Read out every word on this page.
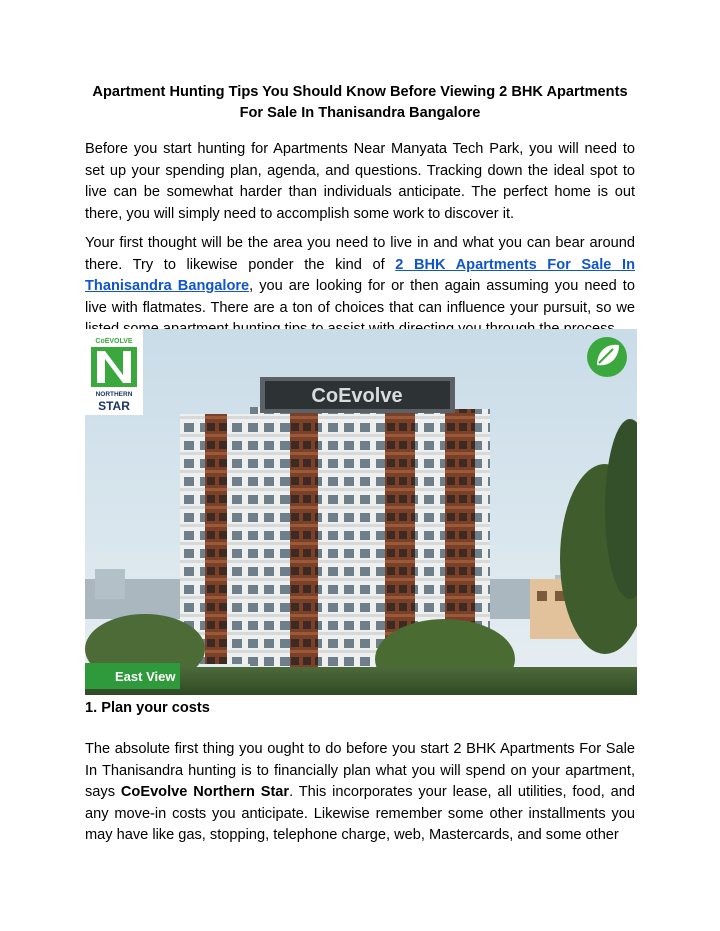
Apartment Hunting Tips You Should Know Before Viewing 2 BHK Apartments For Sale In Thanisandra Bangalore
Before you start hunting for Apartments Near Manyata Tech Park, you will need to set up your spending plan, agenda, and questions. Tracking down the ideal spot to live can be somewhat harder than individuals anticipate. The perfect home is out there, you will simply need to accomplish some work to discover it.
Your first thought will be the area you need to live in and what you can bear around there. Try to likewise ponder the kind of 2 BHK Apartments For Sale In Thanisandra Bangalore, you are looking for or then again assuming you need to live with flatmates. There are a ton of choices that can influence your pursuit, so we
CoEvolve
CoEVOLVE
NORTHERN
STAR
East View
1. Plan your costs
The absolute first thing you ought to do before you start 2 BHK Apartments For Sale In Thanisandra hunting is to financially plan what you will spend on your apartment, says CoEvolve Northern Star. This incorporates your lease, all utilities, food, and any move-in costs you anticipate. Likewise remember some other installments you may have like gas, stopping, telephone charge, web, Mastercards, and some other
